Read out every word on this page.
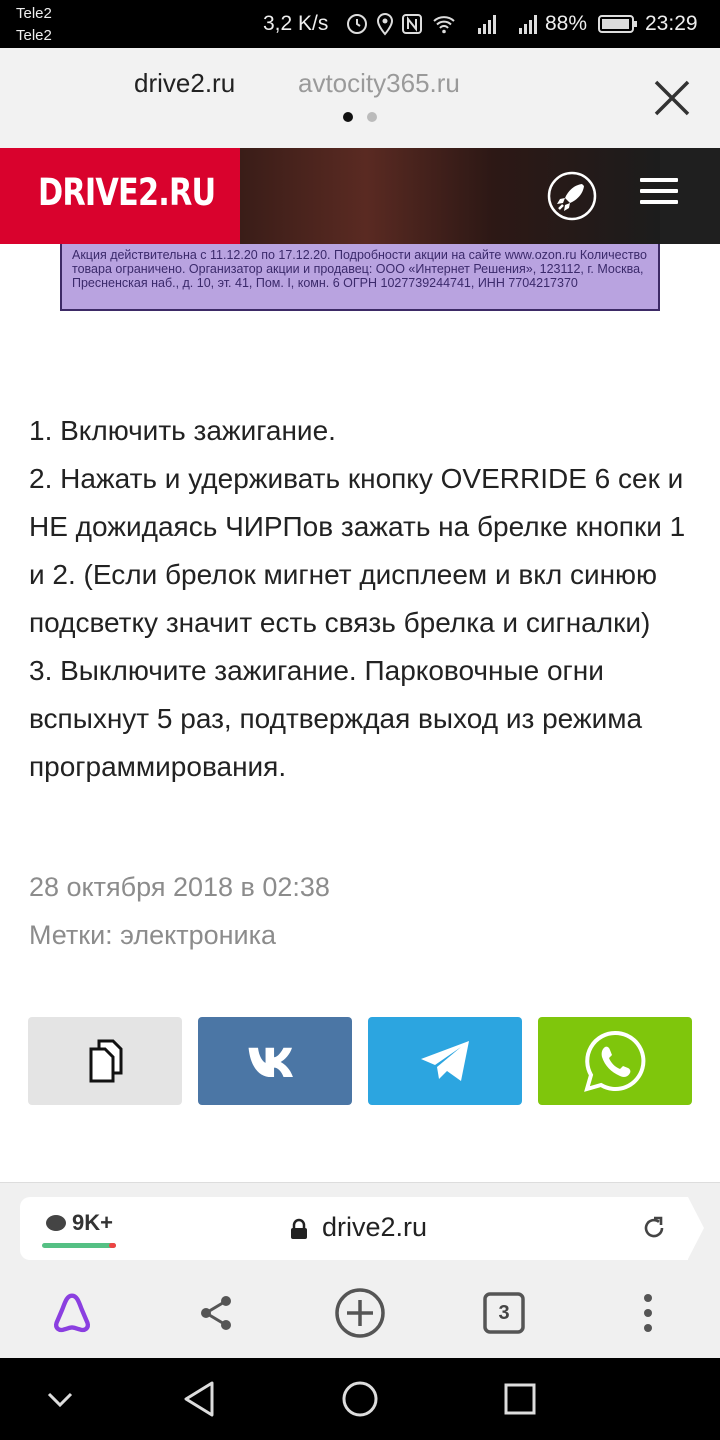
Tele2
Tele2
3,2 K/s	88%	23:29
drive2.ru avtocity365.ru
DRIVE2.RU
Акция действительна с 11.12.20 по 17.12.20. Подробности акции на сайте www.ozon.ru Количество товара ограничено. Организатор акции и продавец: ООО «Интернет Решения», 123112, г. Москва, Пресненская наб., д. 10, эт. 41, Пом. I, комн. 6 ОГРН 1027739244741, ИНН 7704217370

1. Включить зажигание.

2. Нажать и удерживать кнопку OVERRIDE 6 сек и НЕ дожидаясь ЧИРПов зажать на брелке кнопки 1 и 2. (Если брелок мигнет дисплеем и вкл синюю подсветку значит есть связь брелка и сигналки)

3. Выключите зажигание. Парковочные огни вспыхнут 5 раз, подтверждая выход из режима программирования.

28 октября 2018 в 02:38
Метки: электроника
9K+	drive2.ru
3
